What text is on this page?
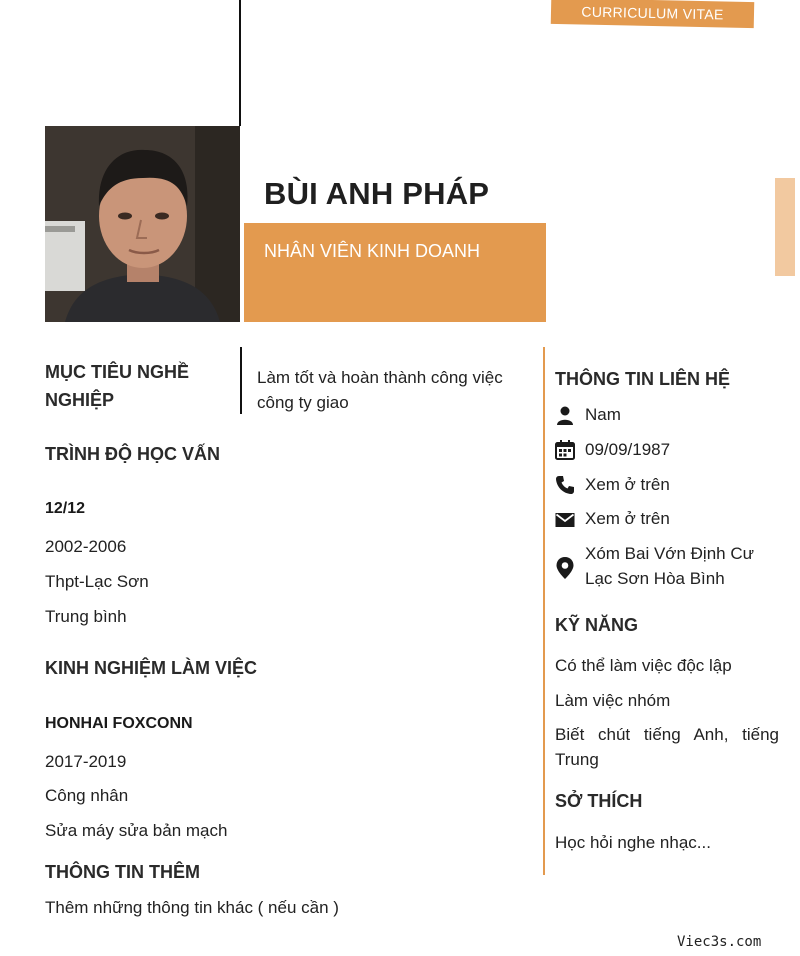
CURRICULUM VITAE
BÙI ANH PHÁP
NHÂN VIÊN KINH DOANH
MỤC TIÊU NGHỀ
NGHIỆP
Làm tốt và hoàn thành công việc
công ty giao
TRÌNH ĐỘ HỌC VẤN
12/12
2002-2006
Thpt-Lạc Sơn
Trung bình
KINH NGHIỆM LÀM VIỆC
HONHAI FOXCONN
2017-2019
Công nhân
Sửa máy sửa bản mạch
THÔNG TIN THÊM
Thêm những thông tin khác ( nếu cần )
THÔNG TIN LIÊN HỆ
Nam
09/09/1987
Xem ở trên
Xem ở trên
Xóm Bai Vớn Định Cư
Lạc Sơn Hòa Bình
KỸ NĂNG
Có thể làm việc độc lập
Làm việc nhóm
Biết chút tiếng Anh, tiếng
Trung
SỞ THÍCH
Học hỏi nghe nhạc...
Viec3s.com
